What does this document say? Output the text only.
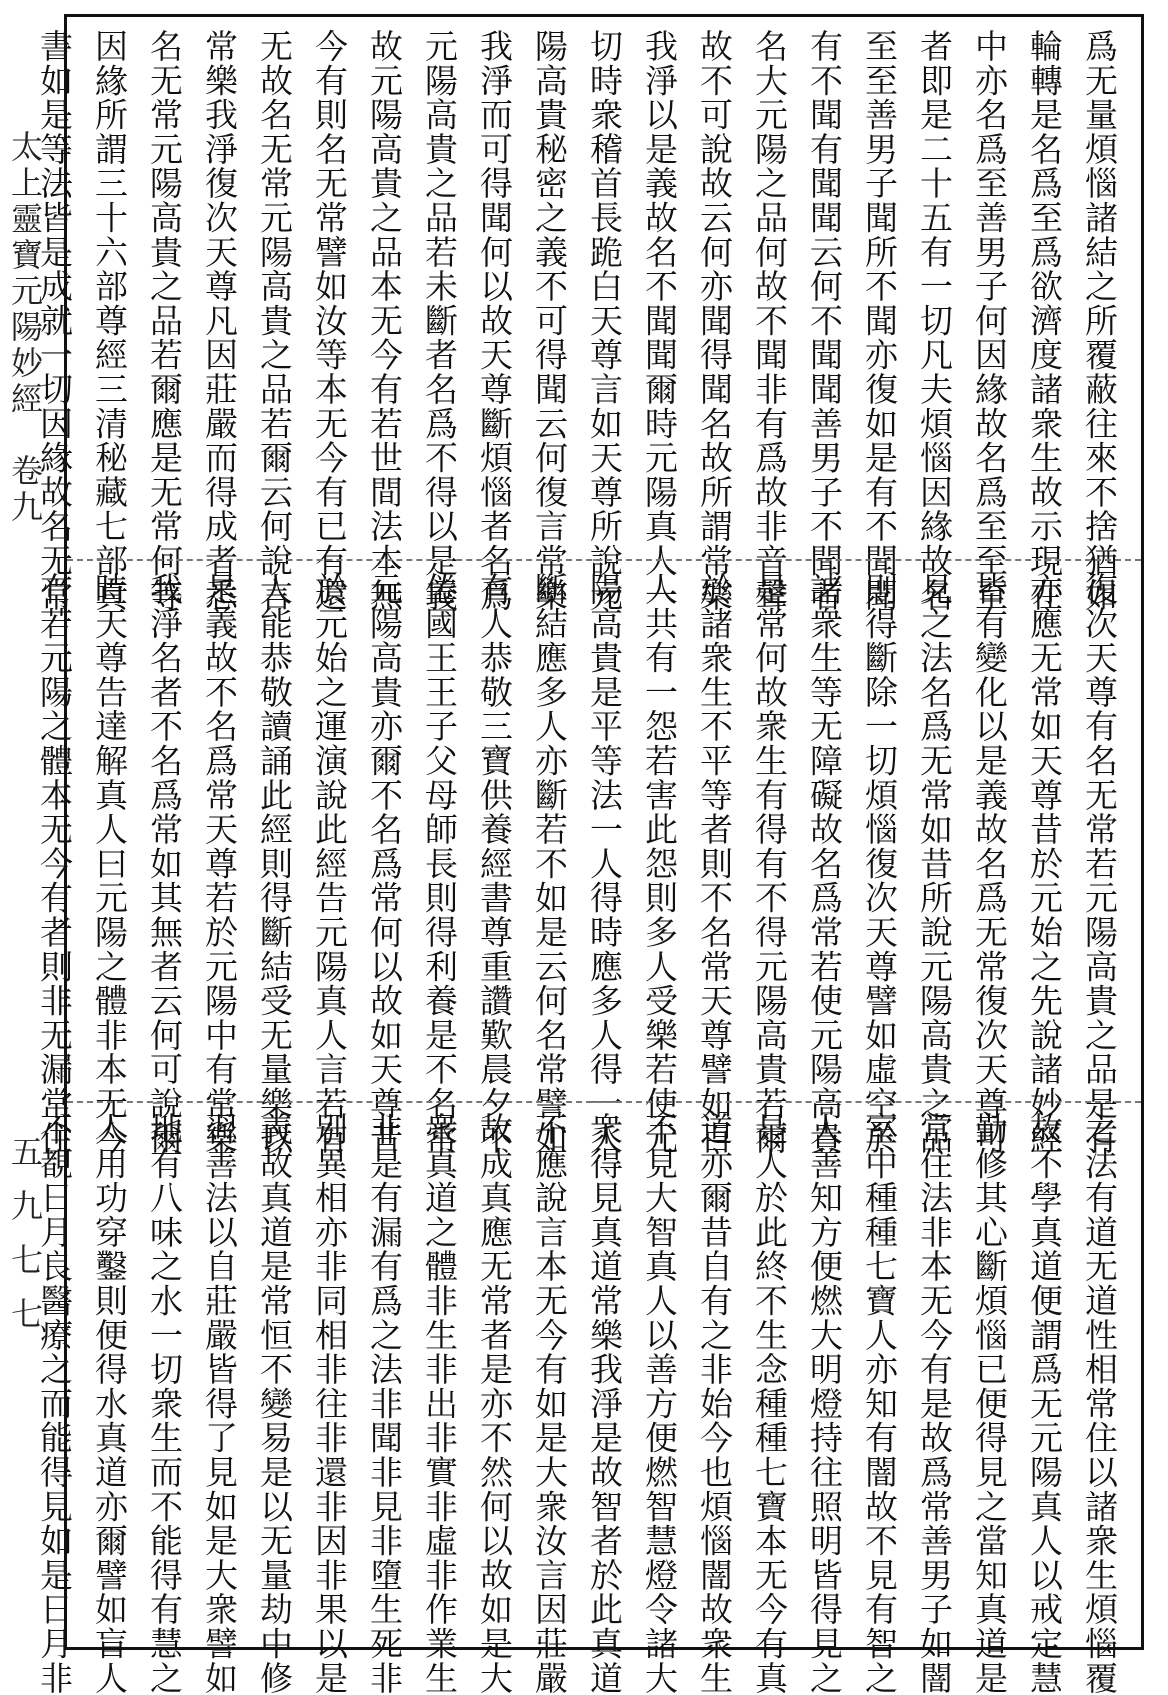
太上靈寶元陽妙經　卷九
五九七七
爲无量煩惱諸結之所覆蔽往來不捨猶如
輪轉是名爲至爲欲濟度諸衆生故示現在
中亦名爲至善男子何因緣故名爲至至至
者即是二十五有一切凡夫煩惱因緣故名
至至善男子聞所不聞亦復如是有不聞聞
有不聞有聞聞云何不聞聞善男子不聞者
名大元陽之品何故不聞非有爲故非音聲
故不可說故云何亦聞得聞名故所謂常樂
我淨以是義故名不聞聞爾時元陽真人一
切時衆稽首長跪白天尊言如天尊所說元
陽高貴秘密之義不可得聞云何復言常樂
我淨而可得聞何以故天尊斷煩惱者名爲
元陽高貴之品若未斷者名爲不得以是義
故元陽高貴之品本无今有若世間法本無
今有則名无常譬如汝等本无今有已有還
无故名无常元陽高貴之品若爾云何說言
常樂我淨復次天尊凡因莊嚴而得成者悉
名无常元陽高貴之品若爾應是无常何等
因緣所謂三十六部尊經三清秘藏七部真
書如是等法皆是成就一切因緣故名无常
復次天尊有名无常若元陽高貴之品是有
亦應无常如天尊昔於元始之先說諸妙經
皆有變化以是義故名爲无常復次天尊可
見之法名爲无常如昔所說元陽高貴之品
則得斷除一切煩惱復次天尊譬如虛空於
諸衆生等无障礙故名爲常若使元陽高貴
是常何故衆生有得有不得元陽高貴若爾
於諸衆生不平等者則不名常天尊譬如百
人共有一怨若害此怨則多人受樂若使元
陽高貴是平等法一人得時應多人得一人
斷結應多人亦斷若不如是云何名常譬如
有人恭敬三寶供養經書尊重讚歎晨夕不
倦國王王子父母師長則得利養是不名常
元陽高貴亦爾不名爲常何以故如天尊昔
於元始之運演說此經告元陽真人言若有
人能恭敬讀誦此經則得斷結受无量樂以
是義故不名爲常天尊若於元陽中有常樂
我淨名者不名爲常如其無者云何可說爾
時天尊告達解真人曰元陽之體非本无今
有若元陽之體本无今有者則非无漏常住
之法有道无道性相常住以諸衆生煩惱覆
故不學真道便謂爲无元陽真人以戒定慧
勤修其心斷煩惱已便得見之當知真道是
常住法非本无今有是故爲常善男子如闇
室中種種七寶人亦知有闇故不見有智之
人善知方便燃大明燈持往照明皆得見之
是人於此終不生念種種七寶本无今有真
道亦爾昔自有之非始今也煩惱闇故衆生
不見大智真人以善方便燃智慧燈令諸大
衆得見真道常樂我淨是故智者於此真道
不應說言本无今有如是大衆汝言因莊嚴
故成真應无常者是亦不然何以故如是大
衆真道之體非生非出非實非虛非作業生
非是有漏有爲之法非聞非見非墮生死非
別異相亦非同相非往非還非因非果以是
義故真道是常恒不變易是以无量劫中修
習善法以自莊嚴皆得了見如是大衆譬如
地有八味之水一切衆生而不能得有慧之
人用功穿鑿則便得水真道亦爾譬如盲人
不覩日月良醫療之而能得見如是日月非
